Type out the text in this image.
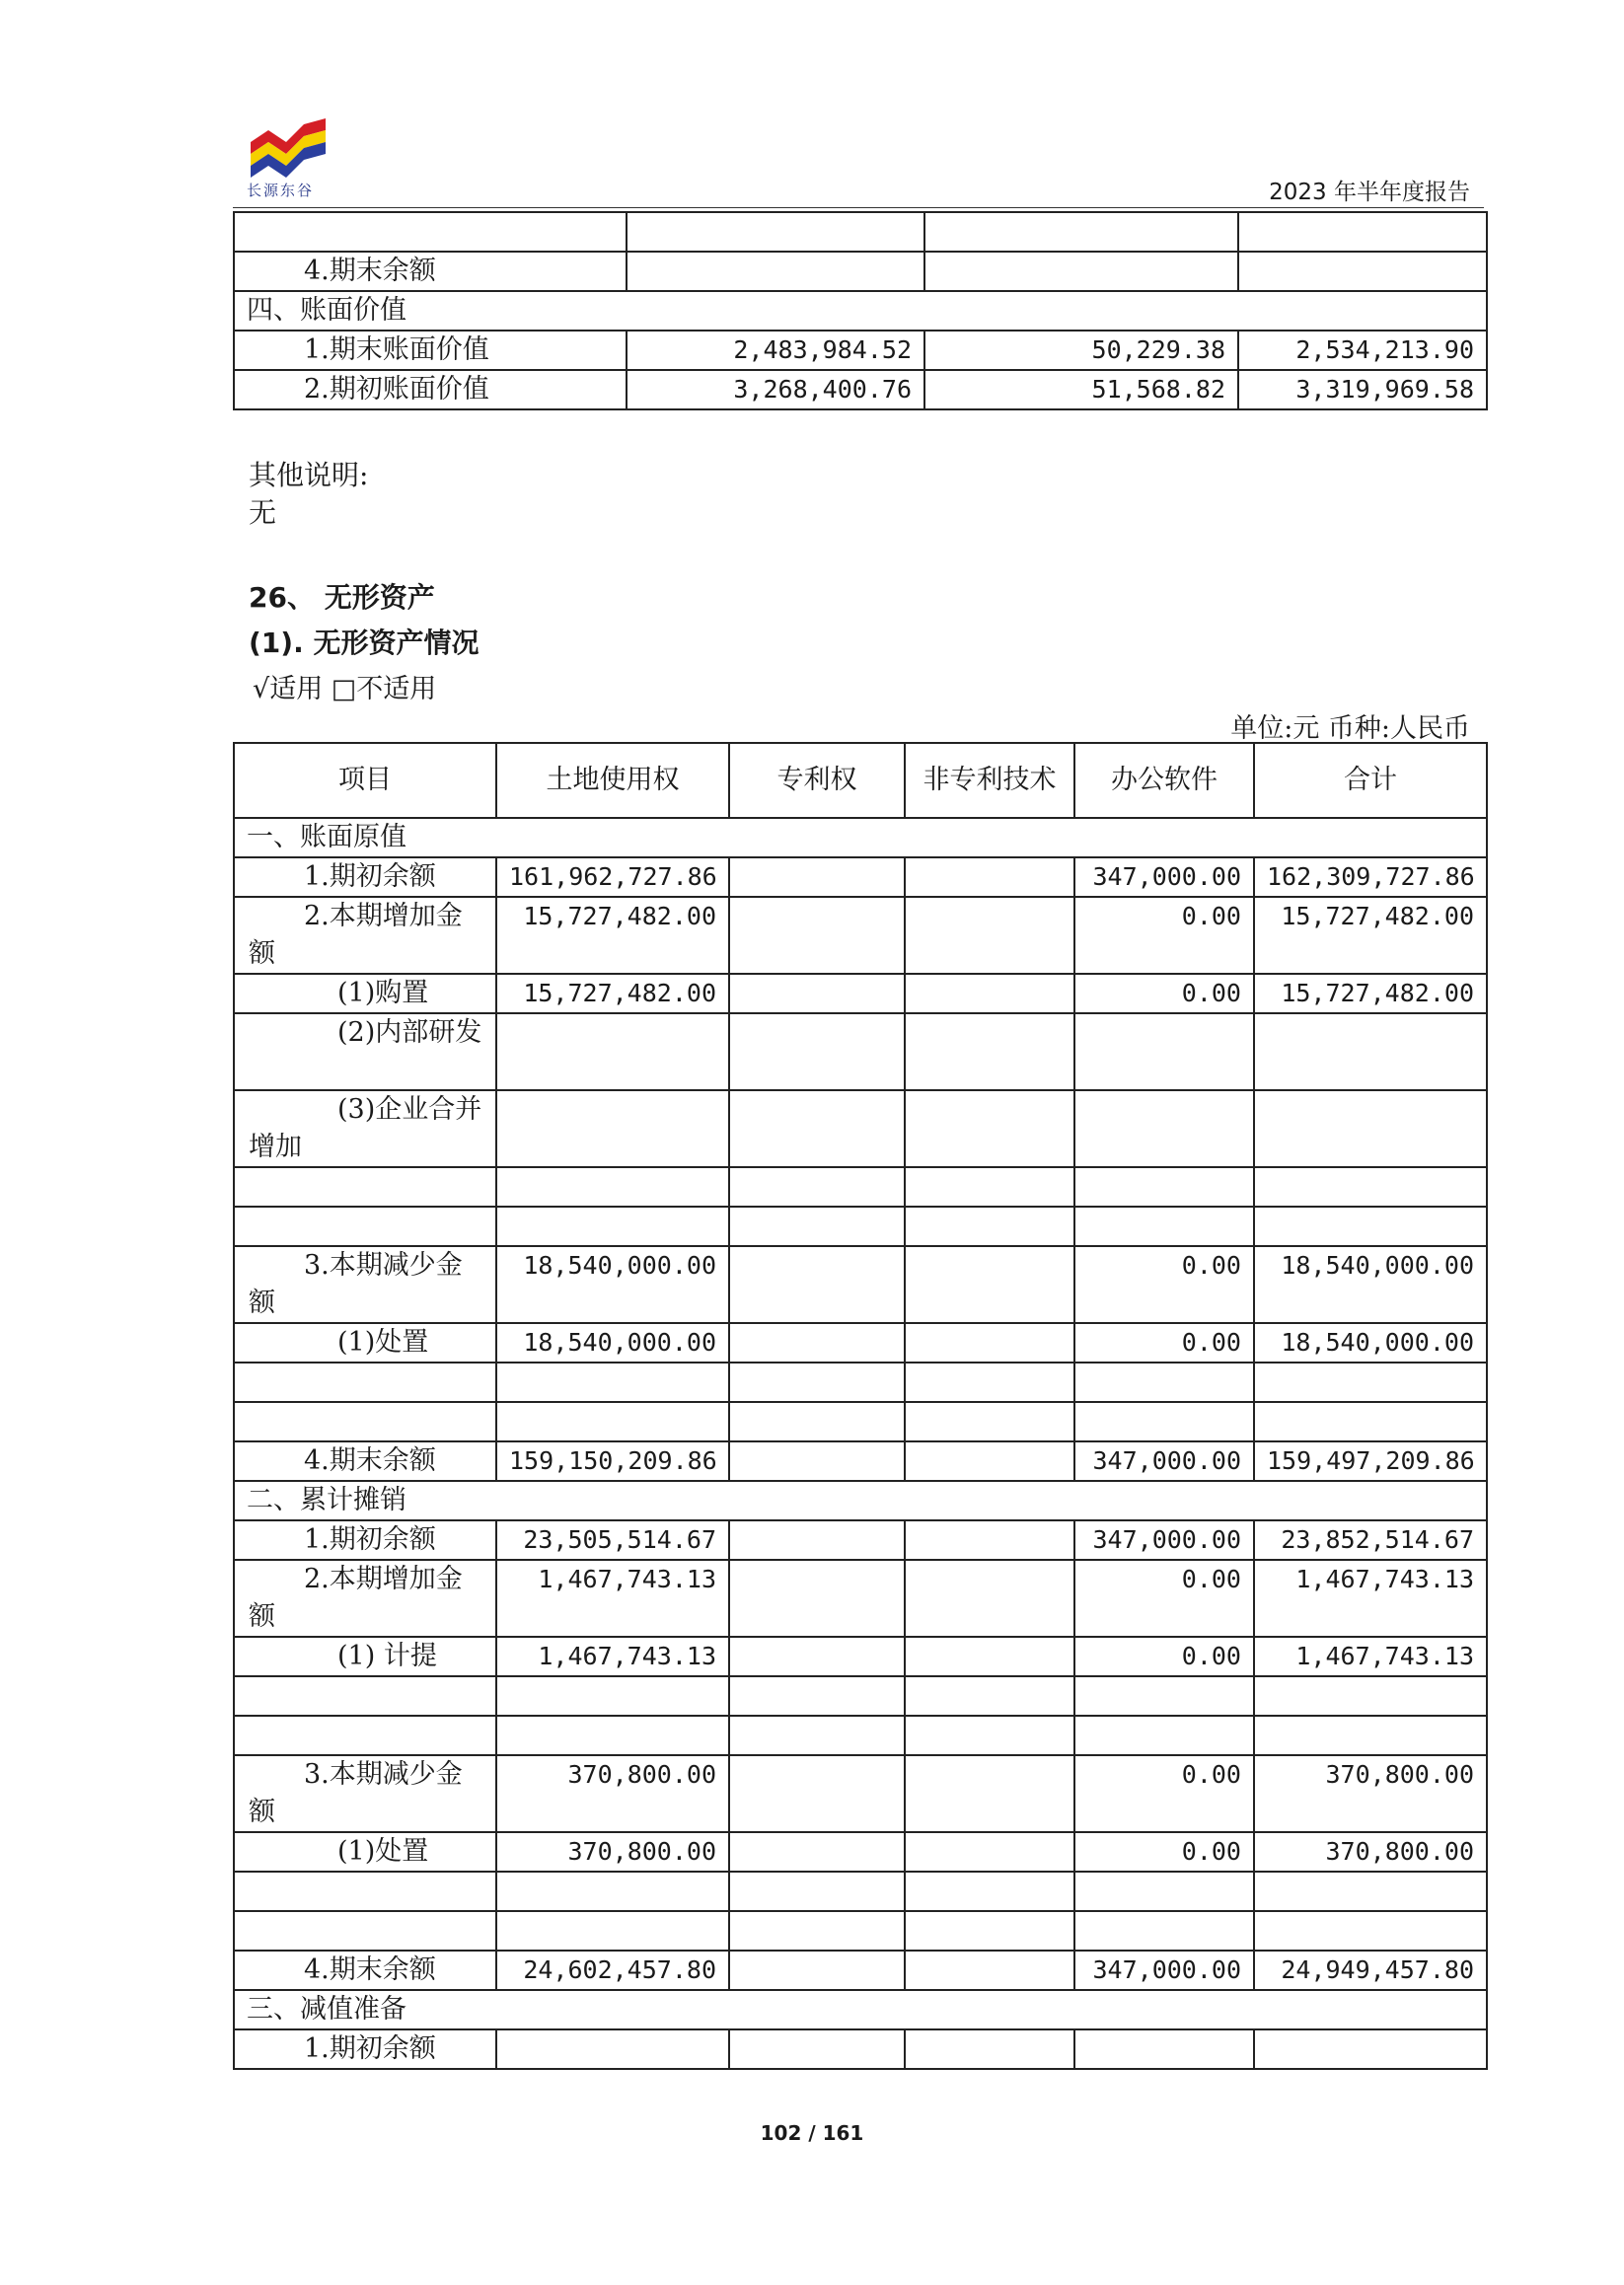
长源东谷	2023 年半年度报告

4.期末余额			
四、账面价值			
1.期末账面价值	2,483,984.52	50,229.38	2,534,213.90
2.期初账面价值	3,268,400.76	51,568.82	3,319,969.58
其他说明:
无
26、 无形资产
(1). 无形资产情况
√适用 □不适用
单位:元 币种:人民币
项目	土地使用权	专利权	非专利技术	办公软件	合计
一、账面原值					
1.期初余额	161,962,727.86			347,000.00	162,309,727.86
2.本期增加金额	15,727,482.00			0.00	15,727,482.00
(1)购置	15,727,482.00			0.00	15,727,482.00
(2)内部研发					
(3)企业合并增加					

3.本期减少金额	18,540,000.00			0.00	18,540,000.00
(1)处置	18,540,000.00			0.00	18,540,000.00

4.期末余额	159,150,209.86			347,000.00	159,497,209.86
二、累计摊销					
1.期初余额	23,505,514.67			347,000.00	23,852,514.67
2.本期增加金额	1,467,743.13			0.00	1,467,743.13
(1) 计提	1,467,743.13			0.00	1,467,743.13

3.本期减少金额	370,800.00			0.00	370,800.00
(1)处置	370,800.00			0.00	370,800.00

4.期末余额	24,602,457.80			347,000.00	24,949,457.80
三、减值准备					
1.期初余额					
102 / 161
